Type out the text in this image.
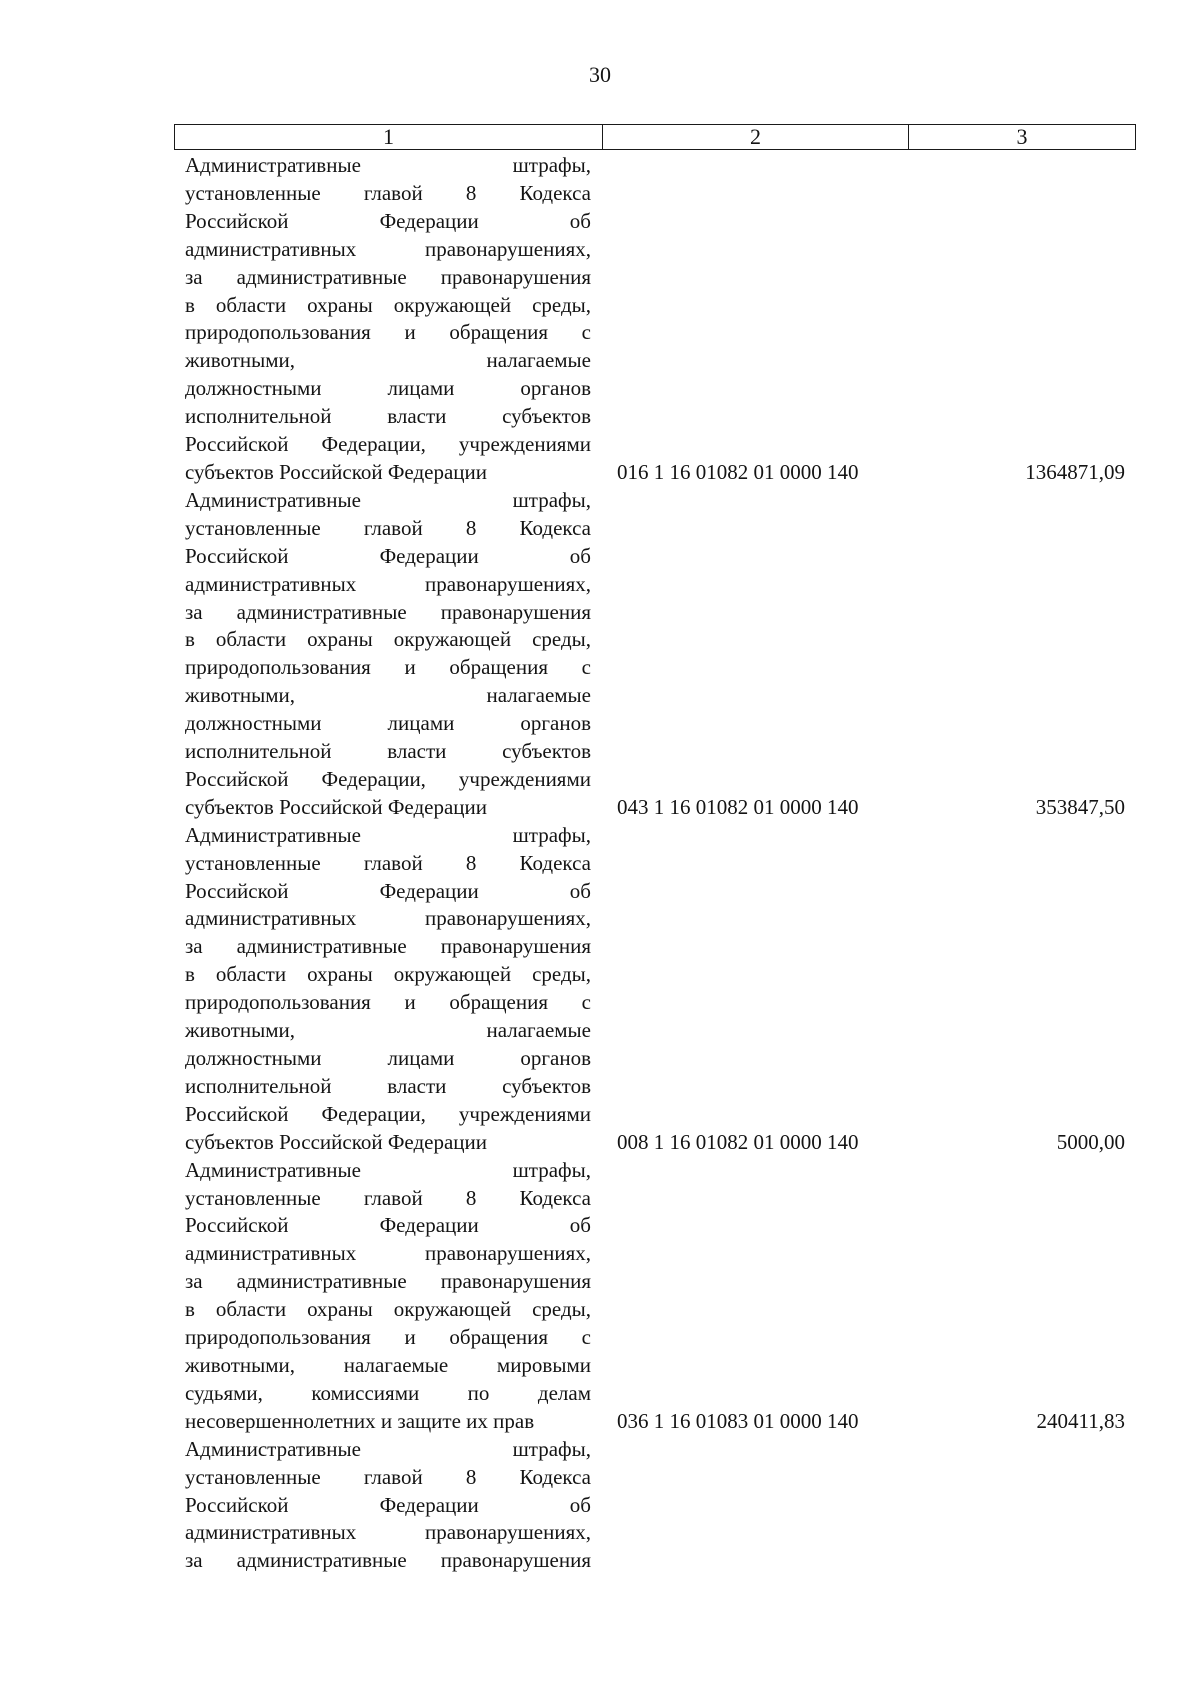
30
1	2	3
Административные штрафы,
установленные главой 8 Кодекса
Российской Федерации об
административных правонарушениях,
за административные правонарушения
в области охраны окружающей среды,
природопользования и обращения с
животными, налагаемые
должностными лицами органов
исполнительной власти субъектов
Российской Федерации, учреждениями
субъектов Российской Федерации	016 1 16 01082 01 0000 140	1364871,09
Административные штрафы,
установленные главой 8 Кодекса
Российской Федерации об
административных правонарушениях,
за административные правонарушения
в области охраны окружающей среды,
природопользования и обращения с
животными, налагаемые
должностными лицами органов
исполнительной власти субъектов
Российской Федерации, учреждениями
субъектов Российской Федерации	043 1 16 01082 01 0000 140	353847,50
Административные штрафы,
установленные главой 8 Кодекса
Российской Федерации об
административных правонарушениях,
за административные правонарушения
в области охраны окружающей среды,
природопользования и обращения с
животными, налагаемые
должностными лицами органов
исполнительной власти субъектов
Российской Федерации, учреждениями
субъектов Российской Федерации	008 1 16 01082 01 0000 140	5000,00
Административные штрафы,
установленные главой 8 Кодекса
Российской Федерации об
административных правонарушениях,
за административные правонарушения
в области охраны окружающей среды,
природопользования и обращения с
животными, налагаемые мировыми
судьями, комиссиями по делам
несовершеннолетних и защите их прав	036 1 16 01083 01 0000 140	240411,83
Административные штрафы,
установленные главой 8 Кодекса
Российской Федерации об
административных правонарушениях,
за административные правонарушения
